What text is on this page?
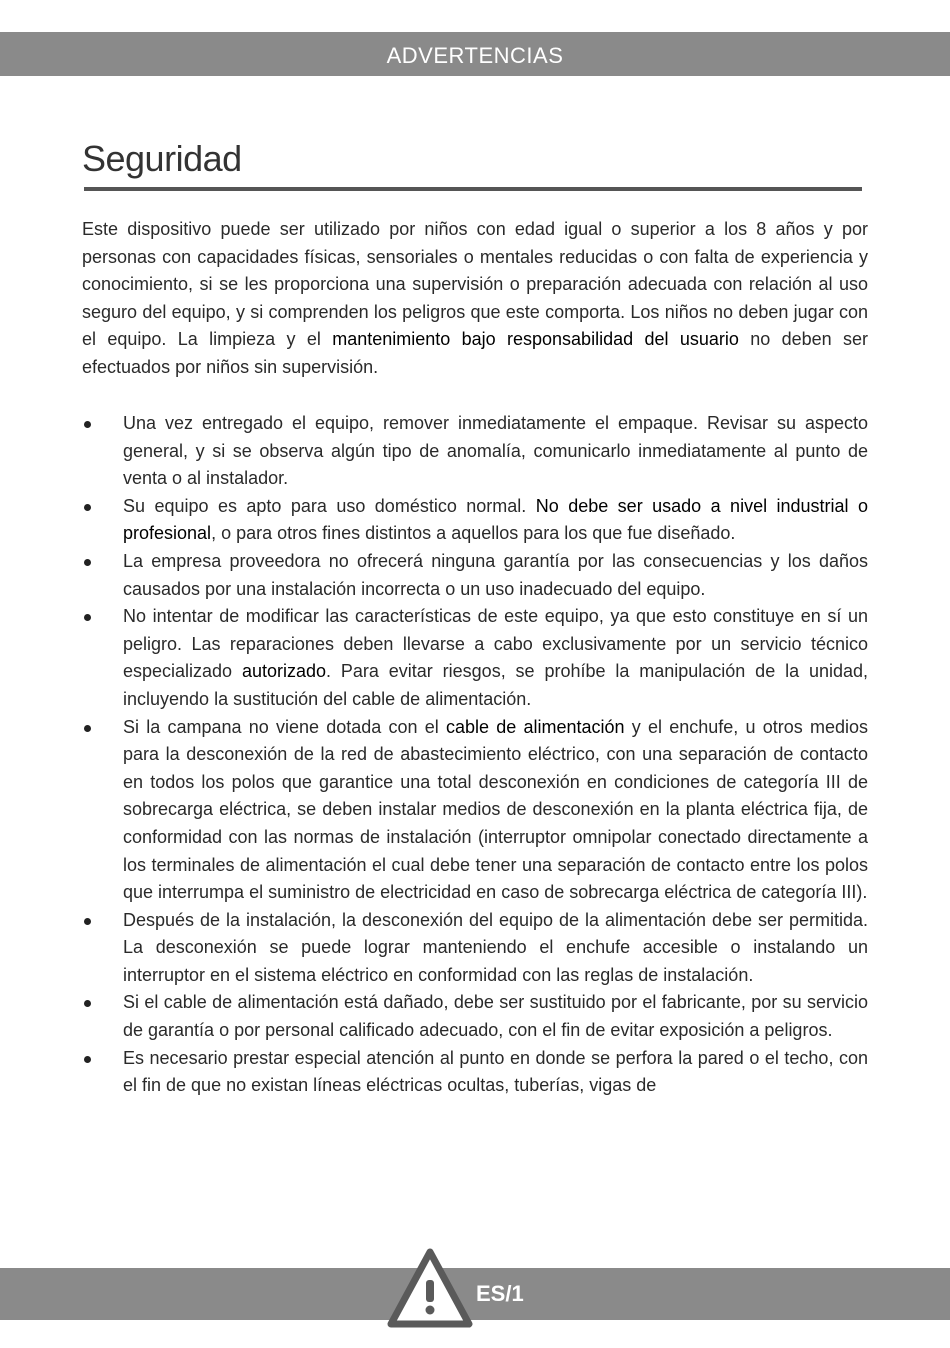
ADVERTENCIAS
Seguridad

Este dispositivo puede ser utilizado por niños con edad igual o superior a los 8 años y por personas con capacidades físicas, sensoriales o mentales reducidas o con falta de experiencia y conocimiento, si se les proporciona una supervisión o preparación adecuada con relación al uso seguro del equipo, y si comprenden los peligros que este comporta. Los niños no deben jugar con el equipo. La limpieza y el mantenimiento bajo responsabilidad del usuario no deben ser efectuados por niños sin supervisión.

Una vez entregado el equipo, remover inmediatamente el empaque. Revisar su aspecto general, y si se observa algún tipo de anomalía, comunicarlo inmediatamente al punto de venta o al instalador.
Su equipo es apto para uso doméstico normal. No debe ser usado a nivel industrial o profesional, o para otros fines distintos a aquellos para los que fue diseñado.
La empresa proveedora no ofrecerá ninguna garantía por las consecuencias y los daños causados por una instalación incorrecta o un uso inadecuado del equipo.
No intentar de modificar las características de este equipo, ya que esto constituye en sí un peligro. Las reparaciones deben llevarse a cabo exclusivamente por un servicio técnico especializado autorizado. Para evitar riesgos, se prohíbe la manipulación de la unidad, incluyendo la sustitución del cable de alimentación.
Si la campana no viene dotada con el cable de alimentación y el enchufe, u otros medios para la desconexión de la red de abastecimiento eléctrico, con una separación de contacto en todos los polos que garantice una total desconexión en condiciones de categoría III de sobrecarga eléctrica, se deben instalar medios de desconexión en la planta eléctrica fija, de conformidad con las normas de instalación (interruptor omnipolar conectado directamente a los terminales de alimentación el cual debe tener una separación de contacto entre los polos que interrumpa el suministro de electricidad en caso de sobrecarga eléctrica de categoría III).
Después de la instalación, la desconexión del equipo de la alimentación debe ser permitida. La desconexión se puede lograr manteniendo el enchufe accesible o instalando un interruptor en el sistema eléctrico en conformidad con las reglas de instalación.
Si el cable de alimentación está dañado, debe ser sustituido por el fabricante, por su servicio de garantía o por personal calificado adecuado, con el fin de evitar exposición a peligros.
Es necesario prestar especial atención al punto en donde se perfora la pared o el techo, con el fin de que no existan líneas eléctricas ocultas, tuberías, vigas de
ES/1
